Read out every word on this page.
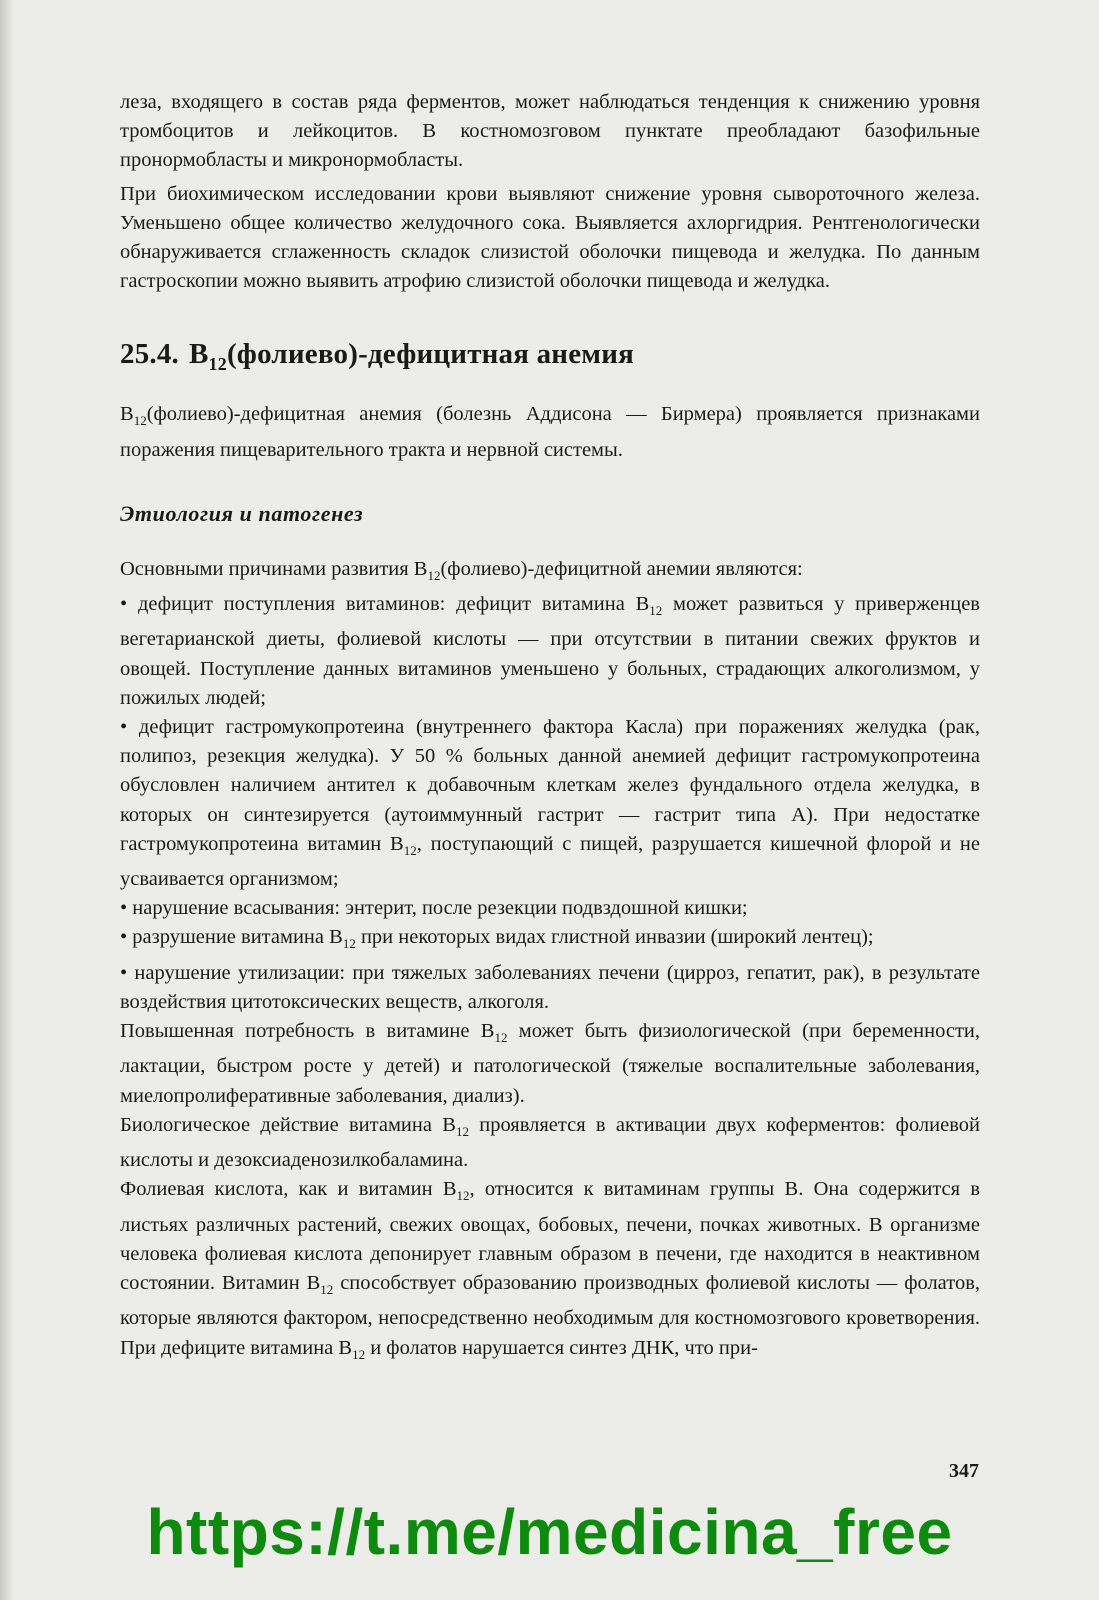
леза, входящего в состав ряда ферментов, может наблюдаться тенденция к снижению уровня тромбоцитов и лейкоцитов. В костномозговом пунктате преобладают базофильные пронормобласты и микронормобласты.

При биохимическом исследовании крови выявляют снижение уровня сывороточного железа. Уменьшено общее количество желудочного сока. Выявляется ахлоргидрия. Рентгенологически обнаруживается сглаженность складок слизистой оболочки пищевода и желудка. По данным гастроскопии можно выявить атрофию слизистой оболочки пищевода и желудка.

25.4. $B_{12}(фолиево)$-дефицитная анемия

$B_{12}(фолиево)$-дефицитная анемия (болезнь Аддисона — Бирмера) проявляется признаками поражения пищеварительного тракта и нервной системы.

Этиология и патогенез

Основными причинами развития $B_{12}(фолиево)$-дефицитной анемии являются:

• дефицит поступления витаминов: дефицит витамина $B_{12}$ может развиться у приверженцев вегетарианской диеты, фолиевой кислоты — при отсутствии в питании свежих фруктов и овощей. Поступление данных витаминов уменьшено у больных, страдающих алкоголизмом, у пожилых людей;

• дефицит гастромукопротеина (внутреннего фактора Касла) при поражениях желудка (рак, полипоз, резекция желудка). У 50 % больных данной анемией дефицит гастромукопротеина обусловлен наличием антител к добавочным клеткам желез фундального отдела желудка, в которых он синтезируется (аутоиммунный гастрит — гастрит типа А). При недостатке гастромукопротеина витамин $B_{12}$, поступающий с пищей, разрушается кишечной флорой и не усваивается организмом;

• нарушение всасывания: энтерит, после резекции подвздошной кишки;

• разрушение витамина $B_{12}$ при некоторых видах глистной инвазии (широкий лентец);

• нарушение утилизации: при тяжелых заболеваниях печени (цирроз, гепатит, рак), в результате воздействия цитотоксических веществ, алкоголя.

Повышенная потребность в витамине $B_{12}$ может быть физиологической (при беременности, лактации, быстром росте у детей) и патологической (тяжелые воспалительные заболевания, миелопролиферативные заболевания, диализ).

Биологическое действие витамина $B_{12}$ проявляется в активации двух коферментов: фолиевой кислоты и дезоксиаденозилкобаламина.

Фолиевая кислота, как и витамин $B_{12}$, относится к витаминам группы В. Она содержится в листьях различных растений, свежих овощах, бобовых, печени, почках животных. В организме человека фолиевая кислота депонирует главным образом в печени, где находится в неактивном состоянии. Витамин $B_{12}$ способствует образованию производных фолиевой кислоты — фолатов, которые являются фактором, непосредственно необходимым для костномозгового кроветворения. При дефиците витамина $B_{12}$ и фолатов нарушается синтез ДНК, что при-

347
https://t.me/medicina_free
